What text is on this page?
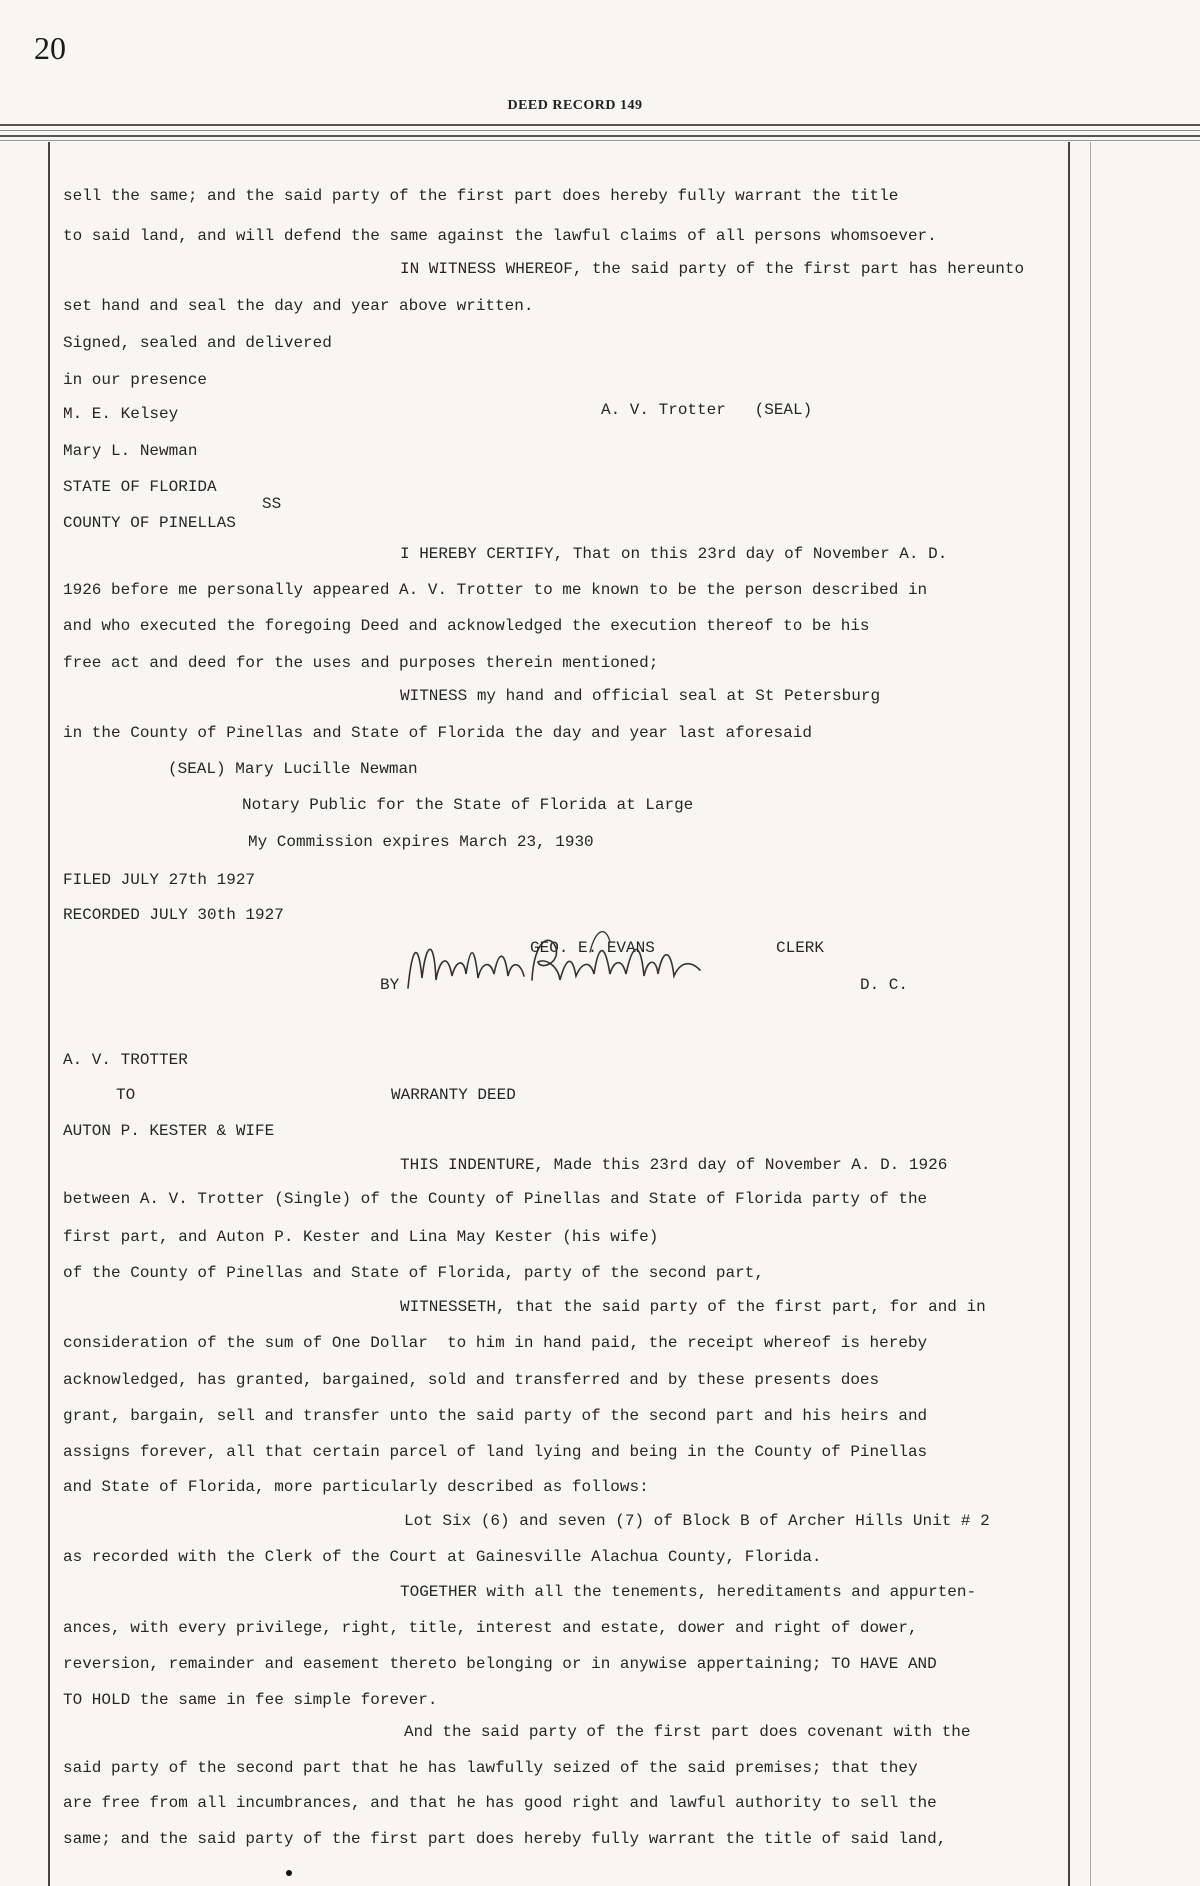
20
DEED RECORD 149
sell the same; and the said party of the first part does hereby fully warrant the title
to said land, and will defend the same against the lawful claims of all persons whomsoever.
IN WITNESS WHEREOF, the said party of the first part has hereunto
set hand and seal the day and year above written.
Signed, sealed and delivered
in our presence
M. E. Kelsey	A. V. Trotter   (SEAL)
Mary L. Newman
STATE OF FLORIDA
SS
COUNTY OF PINELLAS
I HEREBY CERTIFY, That on this 23rd day of November A. D.
1926 before me personally appeared A. V. Trotter to me known to be the person described in
and who executed the foregoing Deed and acknowledged the execution thereof to be his
free act and deed for the uses and purposes therein mentioned;
WITNESS my hand and official seal at St Petersburg
in the County of Pinellas and State of Florida the day and year last aforesaid
(SEAL) Mary Lucille Newman
Notary Public for the State of Florida at Large
My Commission expires March 23, 1930
FILED JULY 27th 1927
RECORDED JULY 30th 1927
GEO. E. EVANS	CLERK
BY	D. C.
A. V. TROTTER
TO	WARRANTY DEED
AUTON P. KESTER & WIFE
THIS INDENTURE, Made this 23rd day of November A. D. 1926
between A. V. Trotter (Single) of the County of Pinellas and State of Florida party of the
first part, and Auton P. Kester and Lina May Kester (his wife)
of the County of Pinellas and State of Florida, party of the second part,
WITNESSETH, that the said party of the first part, for and in
consideration of the sum of One Dollar  to him in hand paid, the receipt whereof is hereby
acknowledged, has granted, bargained, sold and transferred and by these presents does
grant, bargain, sell and transfer unto the said party of the second part and his heirs and
assigns forever, all that certain parcel of land lying and being in the County of Pinellas
and State of Florida, more particularly described as follows:
Lot Six (6) and seven (7) of Block B of Archer Hills Unit # 2
as recorded with the Clerk of the Court at Gainesville Alachua County, Florida.
TOGETHER with all the tenements, hereditaments and appurten-
ances, with every privilege, right, title, interest and estate, dower and right of dower,
reversion, remainder and easement thereto belonging or in anywise appertaining; TO HAVE AND
TO HOLD the same in fee simple forever.
And the said party of the first part does covenant with the
said party of the second part that he has lawfully seized of the said premises; that they
are free from all incumbrances, and that he has good right and lawful authority to sell the
same; and the said party of the first part does hereby fully warrant the title of said land,
